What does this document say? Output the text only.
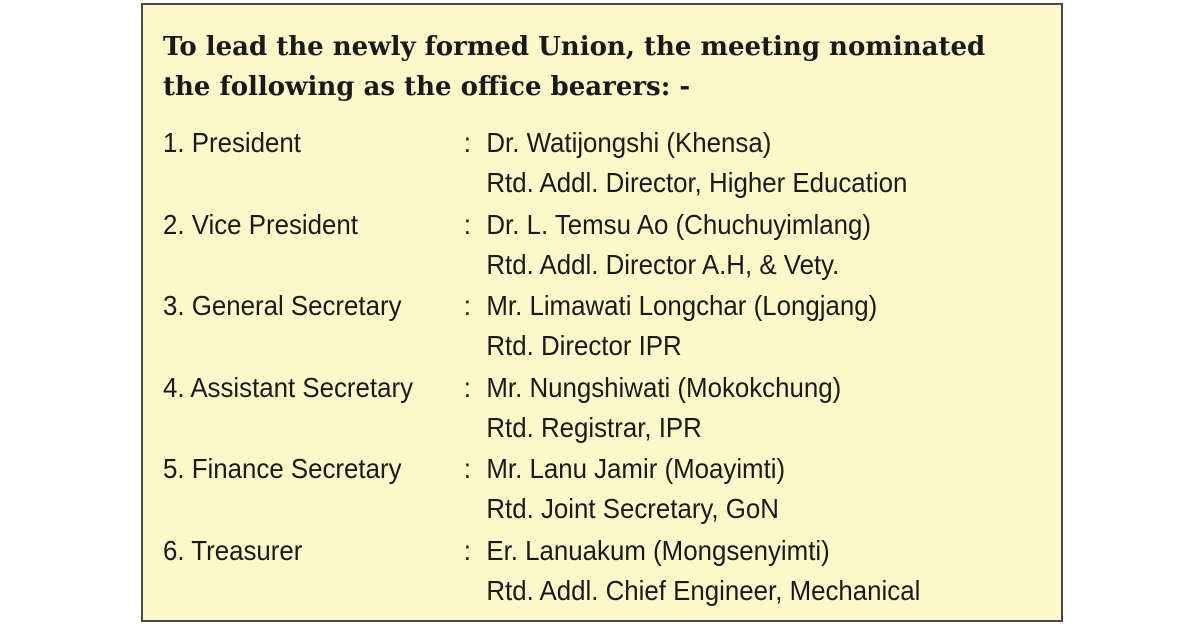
To lead the newly formed Union, the meeting nominated
the following as the office bearers: -
1. President	: Dr. Watijongshi (Khensa)
Rtd. Addl. Director, Higher Education
2. Vice President	: Dr. L. Temsu Ao (Chuchuyimlang)
Rtd. Addl. Director A.H, & Vety.
3. General Secretary	: Mr. Limawati Longchar (Longjang)
Rtd. Director IPR
4. Assistant Secretary	: Mr. Nungshiwati (Mokokchung)
Rtd. Registrar, IPR
5. Finance Secretary	: Mr. Lanu Jamir (Moayimti)
Rtd. Joint Secretary, GoN
6. Treasurer	: Er. Lanuakum (Mongsenyimti)
Rtd. Addl. Chief Engineer, Mechanical
